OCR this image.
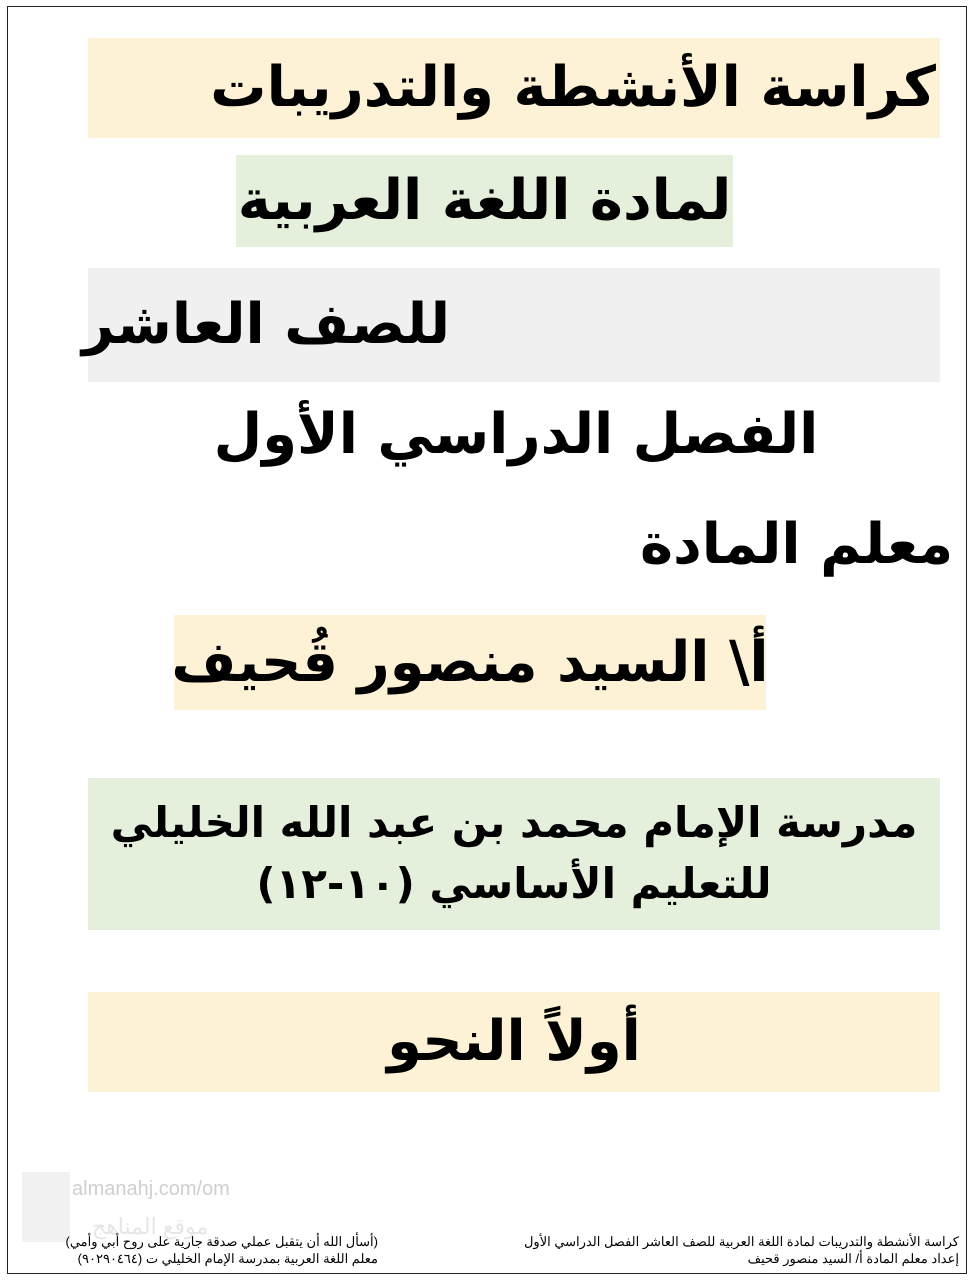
كراسة الأنشطة والتدريبات
لمادة اللغة العربية
للصف العاشر
الفصل الدراسي الأول
معلم المادة
أ\ السيد منصور قُحيف
مدرسة الإمام محمد بن عبد الله الخليلي
للتعليم الأساسي (١٠-١٢)
أولاً النحو
almanahj.com/om
موقع المناهج
كراسة الأنشطة والتدريبات لمادة اللغة العربية للصف العاشر الفصل الدراسي الأول
إعداد معلم المادة أ/ السيد منصور قحيف
(أسأل الله أن يتقبل عملي صدقة جارية على روح أبي وأمي)
معلم اللغة العربية بمدرسة الإمام الخليلي ت (٩٠٢٩٠٤٦٤)
